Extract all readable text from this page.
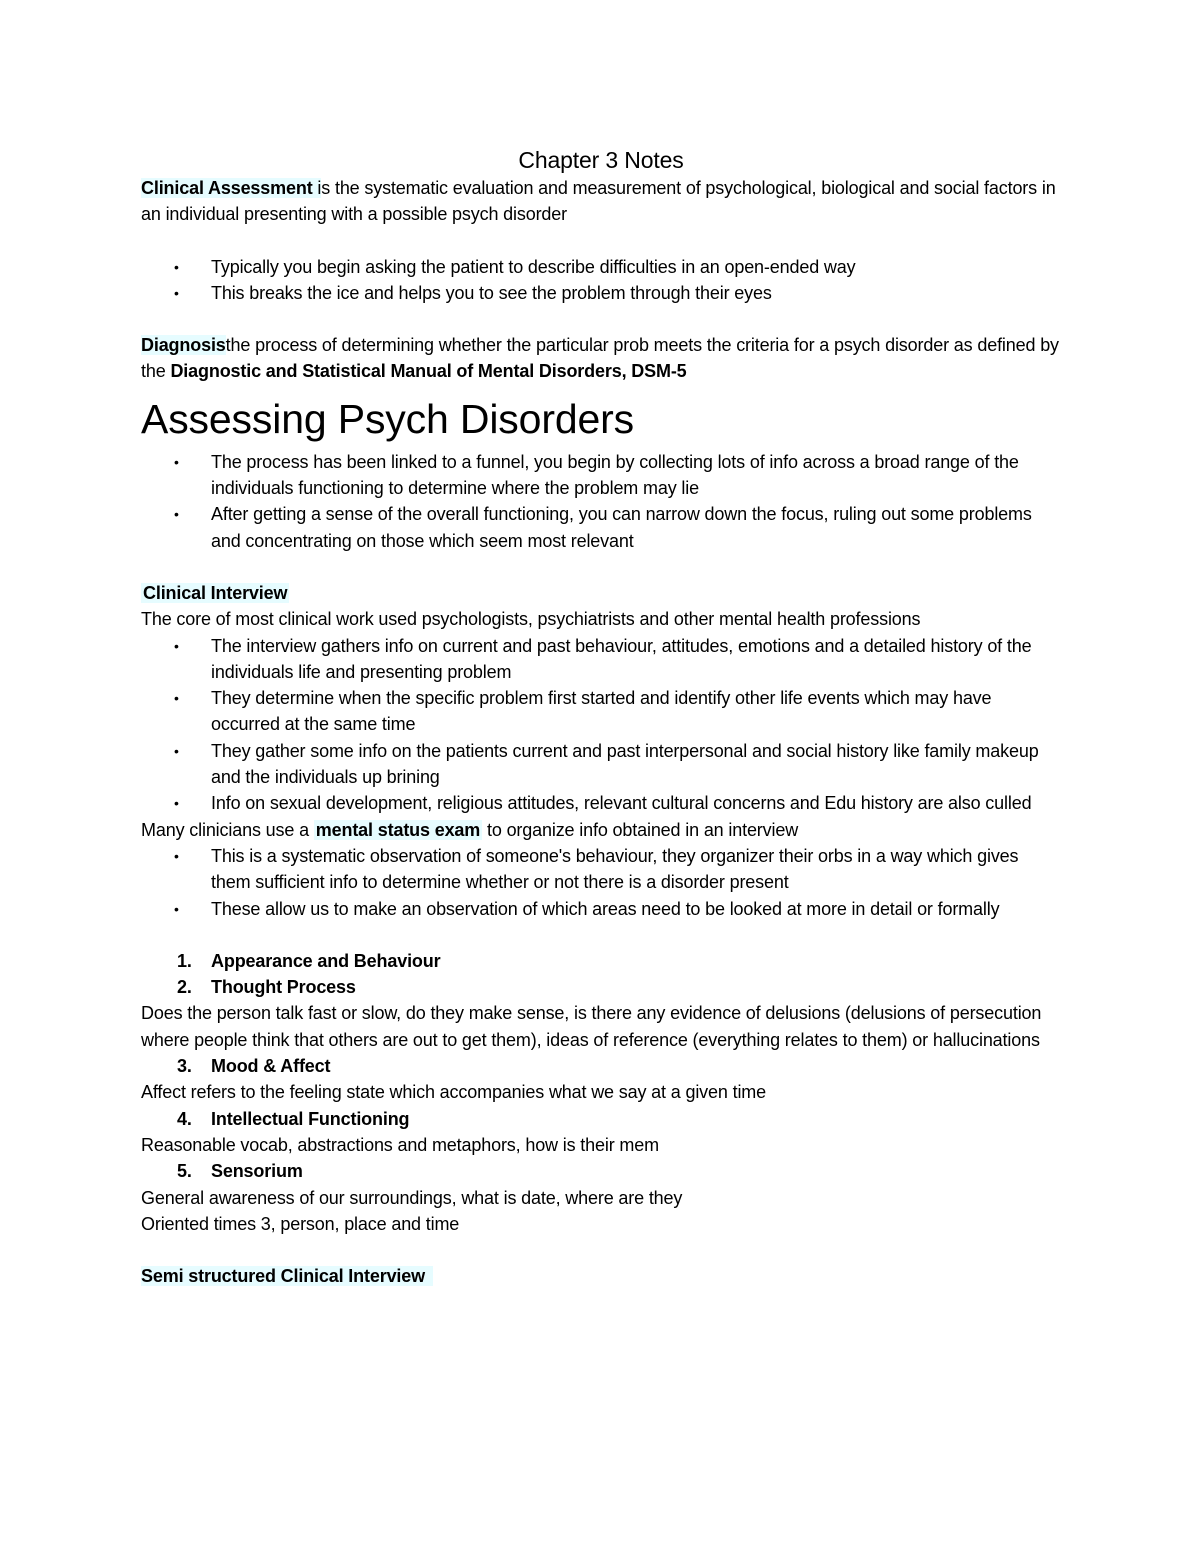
Chapter 3 Notes

Clinical Assessment is the systematic evaluation and measurement of psychological, biological and social factors in an individual presenting with a possible psych disorder

• Typically you begin asking the patient to describe difficulties in an open-ended way
• This breaks the ice and helps you to see the problem through their eyes

Diagnosisthe process of determining whether the particular prob meets the criteria for a psych disorder as defined by the Diagnostic and Statistical Manual of Mental Disorders, DSM-5

Assessing Psych Disorders
• The process has been linked to a funnel, you begin by collecting lots of info across a broad range of the individuals functioning to determine where the problem may lie
• After getting a sense of the overall functioning, you can narrow down the focus, ruling out some problems and concentrating on those which seem most relevant

Clinical Interview

The core of most clinical work used psychologists, psychiatrists and other mental health professions

• The interview gathers info on current and past behaviour, attitudes, emotions and a detailed history of the individuals life and presenting problem
• They determine when the specific problem first started and identify other life events which may have occurred at the same time
• They gather some info on the patients current and past interpersonal and social history like family makeup and the individuals up brining
• Info on sexual development, religious attitudes, relevant cultural concerns and Edu history are also culled

Many clinicians use a mental status exam to organize info obtained in an interview

• This is a systematic observation of someone's behaviour, they organizer their orbs in a way which gives them sufficient info to determine whether or not there is a disorder present
• These allow us to make an observation of which areas need to be looked at more in detail or formally
1. Appearance and Behaviour
2. Thought Process

Does the person talk fast or slow, do they make sense, is there any evidence of delusions (delusions of persecution where people think that others are out to get them), ideas of reference (everything relates to them) or hallucinations

3. Mood & Affect

Affect refers to the feeling state which accompanies what we say at a given time

4. Intellectual Functioning

Reasonable vocab, abstractions and metaphors, how is their mem

5. Sensorium

General awareness of our surroundings, what is date, where are they

Oriented times 3, person, place and time

Semi structured Clinical Interview
